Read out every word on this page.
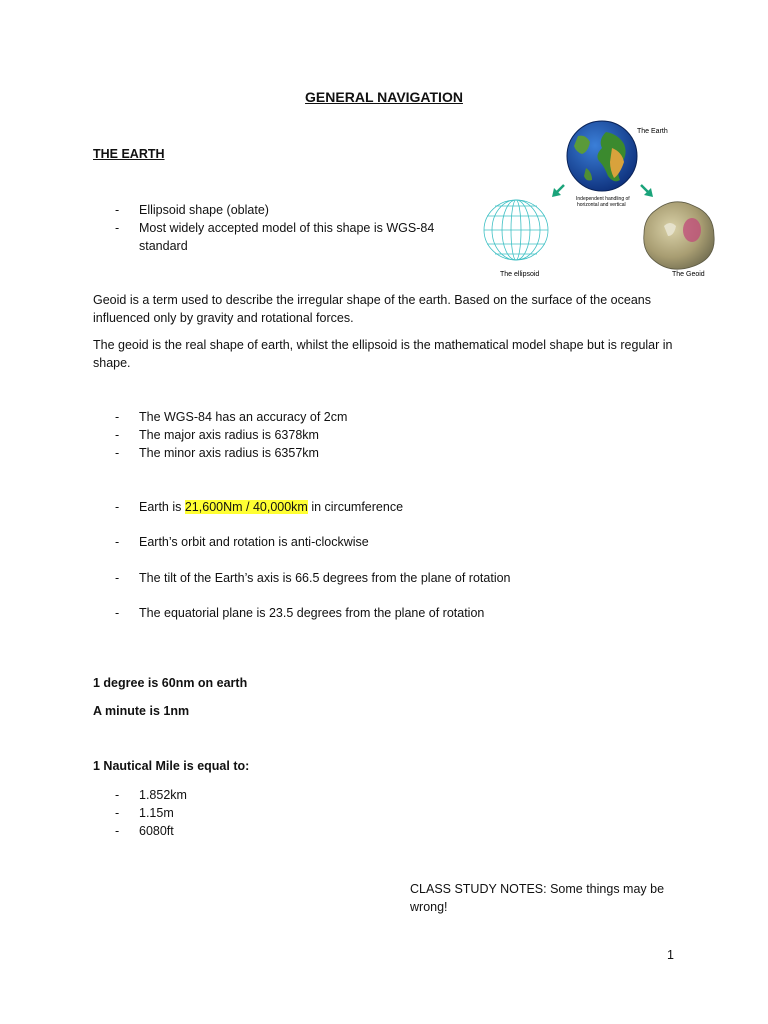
GENERAL NAVIGATION
THE EARTH
- Ellipsoid shape (oblate)
- Most widely accepted model of this shape is WGS-84 standard
The Earth
Independent handling of
horizontal and vertical
The ellipsoid	The Geoid
Geoid is a term used to describe the irregular shape of the earth. Based on the surface of the oceans influenced only by gravity and rotational forces.
The geoid is the real shape of earth, whilst the ellipsoid is the mathematical model shape but is regular in shape.
- The WGS-84 has an accuracy of 2cm
- The major axis radius is 6378km
- The minor axis radius is 6357km
- Earth is 21,600Nm / 40,000km in circumference
- Earth’s orbit and rotation is anti-clockwise
- The tilt of the Earth’s axis is 66.5 degrees from the plane of rotation
- The equatorial plane is 23.5 degrees from the plane of rotation
1 degree is 60nm on earth
A minute is 1nm
1 Nautical Mile is equal to:
- 1.852km
- 1.15m
- 6080ft
CLASS STUDY NOTES: Some things may be wrong!
1
